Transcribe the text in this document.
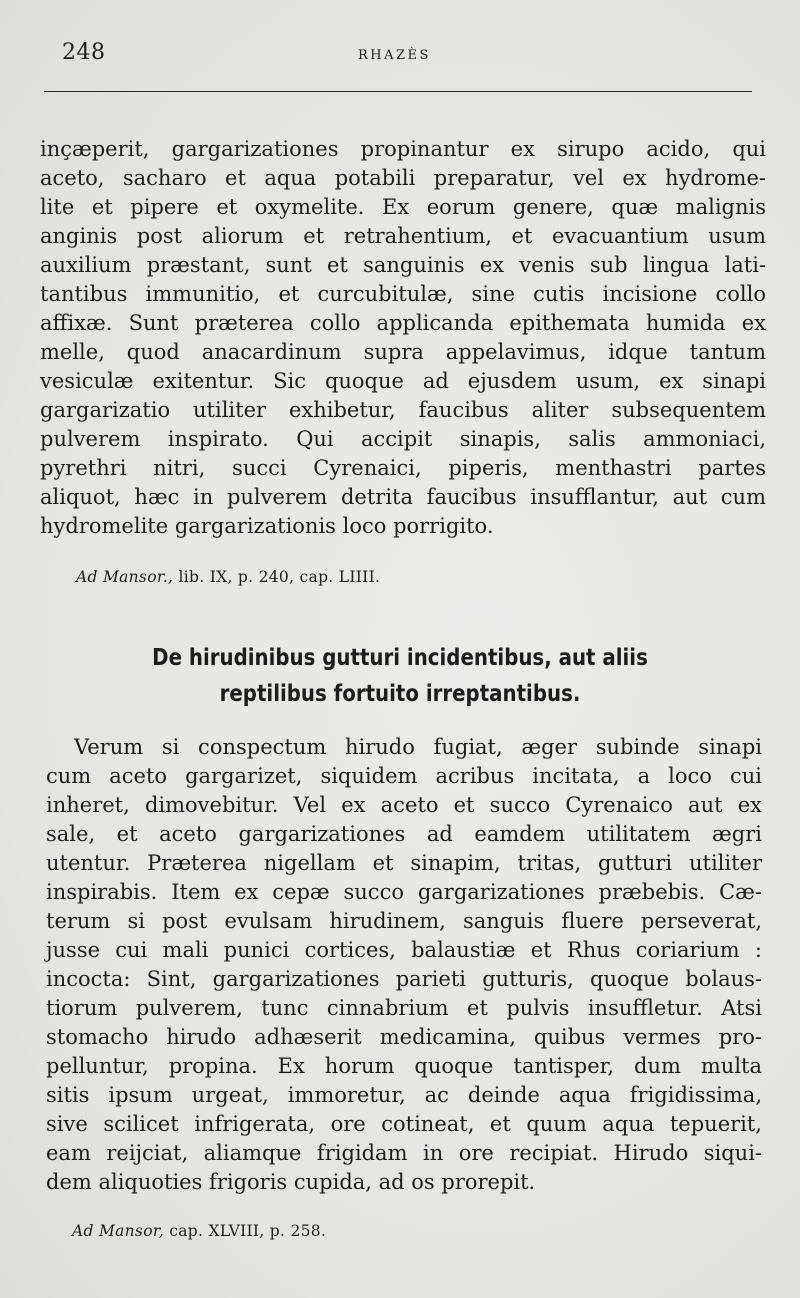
248	RHAZÈS
inçæperit, gargarizationes propinantur ex sirupo acido, qui
aceto, sacharo et aqua potabili preparatur, vel ex hydrome-
lite et pipere et oxymelite. Ex eorum genere, quæ malignis
anginis post aliorum et retrahentium, et evacuantium usum
auxilium præstant, sunt et sanguinis ex venis sub lingua lati-
tantibus immunitio, et curcubitulæ, sine cutis incisione collo
affixæ. Sunt præterea collo applicanda epithemata humida ex
melle, quod anacardinum supra appelavimus, idque tantum
vesiculæ exitentur. Sic quoque ad ejusdem usum, ex sinapi
gargarizatio utiliter exhibetur, faucibus aliter subsequentem
pulverem inspirato. Qui accipit sinapis, salis ammoniaci,
pyrethri nitri, succi Cyrenaici, piperis, menthastri partes
aliquot, hæc in pulverem detrita faucibus insufflantur, aut cum
hydromelite gargarizationis loco porrigito.
Ad Mansor., lib. IX, p. 240, cap. LIIII.
De hirudinibus gutturi incidentibus, aut aliis
reptilibus fortuito irreptantibus.
Verum si conspectum hirudo fugiat, æger subinde sinapi
cum aceto gargarizet, siquidem acribus incitata, a loco cui
inheret, dimovebitur. Vel ex aceto et succo Cyrenaico aut ex
sale, et aceto gargarizationes ad eamdem utilitatem ægri
utentur. Præterea nigellam et sinapim, tritas, gutturi utiliter
inspirabis. Item ex cepæ succo gargarizationes præbebis. Cæ-
terum si post evulsam hirudinem, sanguis fluere perseverat,
jusse cui mali punici cortices, balaustiæ et Rhus coriarium :
incocta: Sint, gargarizationes parieti gutturis, quoque bolaus-
tiorum pulverem, tunc cinnabrium et pulvis insuffletur. Atsi
stomacho hirudo adhæserit medicamina, quibus vermes pro-
pelluntur, propina. Ex horum quoque tantisper, dum multa
sitis ipsum urgeat, immoretur, ac deinde aqua frigidissima,
sive scilicet infrigerata, ore cotineat, et quum aqua tepuerit,
eam reijciat, aliamque frigidam in ore recipiat. Hirudo siqui-
dem aliquoties frigoris cupida, ad os prorepit.
Ad Mansor, cap. XLVIII, p. 258.
